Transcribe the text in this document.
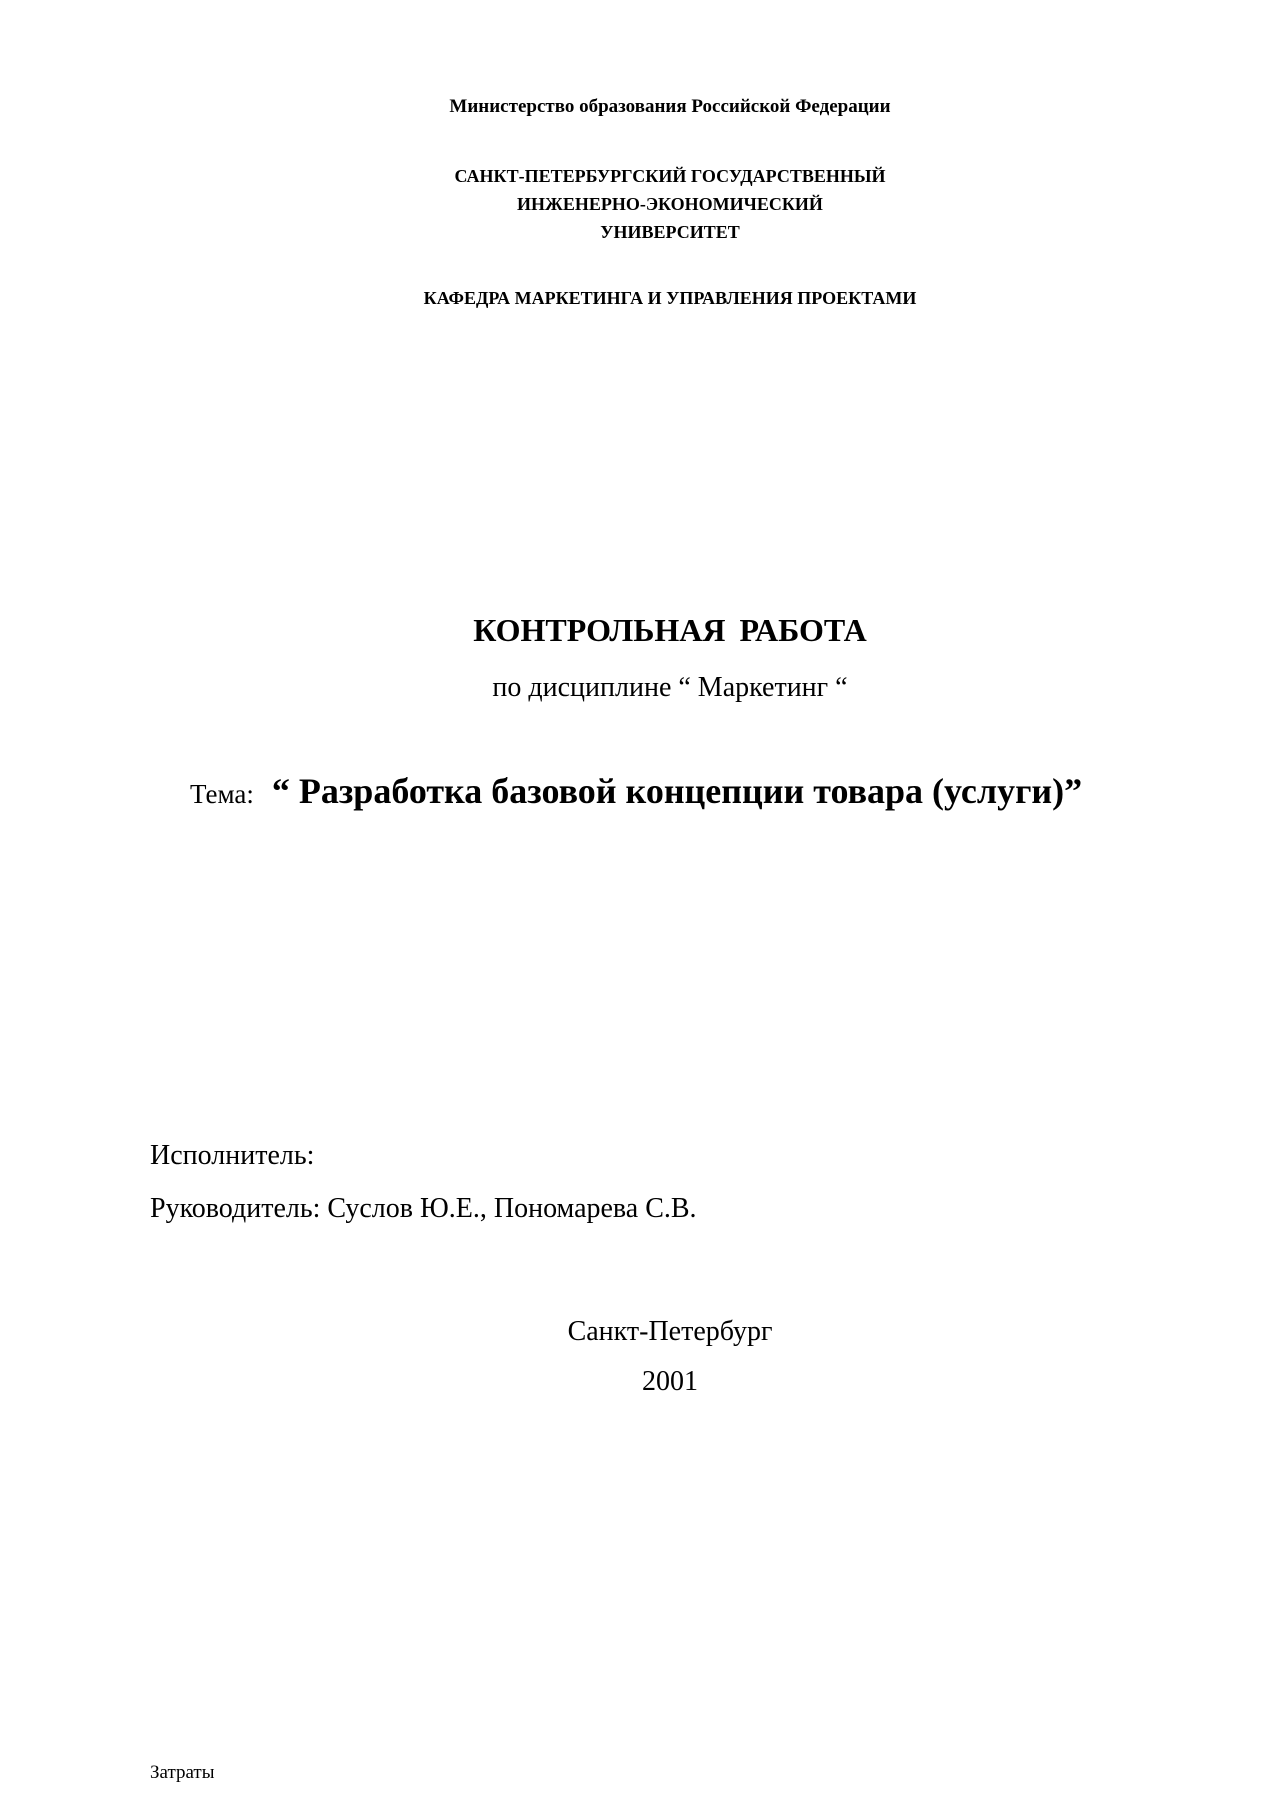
Министерство образования Российской Федерации
САНКТ-ПЕТЕРБУРГСКИЙ ГОСУДАРСТВЕННЫЙ
ИНЖЕНЕРНО-ЭКОНОМИЧЕСКИЙ
УНИВЕРСИТЕТ
КАФЕДРА МАРКЕТИНГА И УПРАВЛЕНИЯ ПРОЕКТАМИ
КОНТРОЛЬНАЯ РАБОТА
по дисциплине “ Маркетинг “
Тема: “ Разработка базовой концепции товара (услуги)”
Исполнитель:
Руководитель: Суслов Ю.Е., Пономарева С.В.
Санкт-Петербург
2001
Затраты
